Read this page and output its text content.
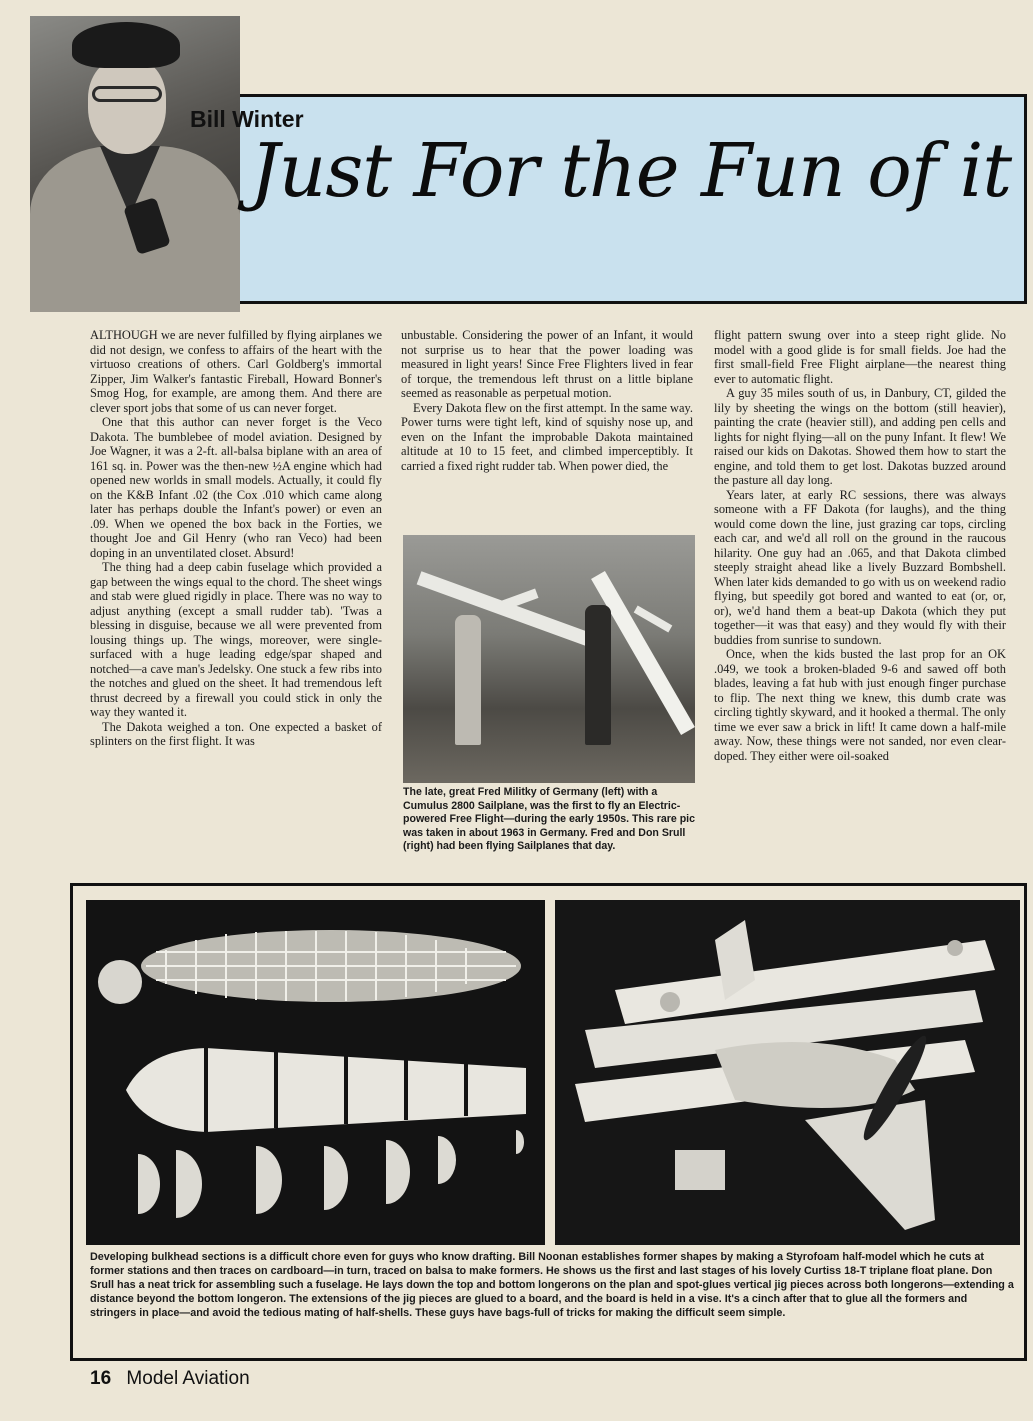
Bill Winter
Just For the Fun of it

ALTHOUGH we are never fulfilled by flying airplanes we did not design, we confess to affairs of the heart with the virtuoso creations of others. Carl Goldberg's immortal Zipper, Jim Walker's fantastic Fireball, Howard Bonner's Smog Hog, for example, are among them. And there are clever sport jobs that some of us can never forget.

One that this author can never forget is the Veco Dakota. The bumblebee of model aviation. Designed by Joe Wagner, it was a 2-ft. all-balsa biplane with an area of 161 sq. in. Power was the then-new ½A engine which had opened new worlds in small models. Actually, it could fly on the K&B Infant .02 (the Cox .010 which came along later has perhaps double the Infant's power) or even an .09. When we opened the box back in the Forties, we thought Joe and Gil Henry (who ran Veco) had been doping in an unventilated closet. Absurd!

The thing had a deep cabin fuselage which provided a gap between the wings equal to the chord. The sheet wings and stab were glued rigidly in place. There was no way to adjust anything (except a small rudder tab). 'Twas a blessing in disguise, because we all were prevented from lousing things up. The wings, moreover, were single-surfaced with a huge leading edge/spar shaped and notched—a cave man's Jedelsky. One stuck a few ribs into the notches and glued on the sheet. It had tremendous left thrust decreed by a firewall you could stick in only the way they wanted it.

The Dakota weighed a ton. One expected a basket of splinters on the first flight. It was

unbustable. Considering the power of an Infant, it would not surprise us to hear that the power loading was measured in light years! Since Free Flighters lived in fear of torque, the tremendous left thrust on a little biplane seemed as reasonable as perpetual motion.

Every Dakota flew on the first attempt. In the same way. Power turns were tight left, kind of squishy nose up, and even on the Infant the improbable Dakota maintained altitude at 10 to 15 feet, and climbed imperceptibly. It carried a fixed right rudder tab. When power died, the

The late, great Fred Militky of Germany (left) with a Cumulus 2800 Sailplane, was the first to fly an Electric-powered Free Flight—during the early 1950s. This rare pic was taken in about 1963 in Germany. Fred and Don Srull (right) had been flying Sailplanes that day.

flight pattern swung over into a steep right glide. No model with a good glide is for small fields. Joe had the first small-field Free Flight airplane—the nearest thing ever to automatic flight.

A guy 35 miles south of us, in Danbury, CT, gilded the lily by sheeting the wings on the bottom (still heavier), painting the crate (heavier still), and adding pen cells and lights for night flying—all on the puny Infant. It flew! We raised our kids on Dakotas. Showed them how to start the engine, and told them to get lost. Dakotas buzzed around the pasture all day long.

Years later, at early RC sessions, there was always someone with a FF Dakota (for laughs), and the thing would come down the line, just grazing car tops, circling each car, and we'd all roll on the ground in the raucous hilarity. One guy had an .065, and that Dakota climbed steeply straight ahead like a lively Buzzard Bombshell. When later kids demanded to go with us on weekend radio flying, but speedily got bored and wanted to eat (or, or, or), we'd hand them a beat-up Dakota (which they put together—it was that easy) and they would fly with their buddies from sunrise to sundown.

Once, when the kids busted the last prop for an OK .049, we took a broken-bladed 9-6 and sawed off both blades, leaving a fat hub with just enough finger purchase to flip. The next thing we knew, this dumb crate was circling tightly skyward, and it hooked a thermal. The only time we ever saw a brick in lift! It came down a half-mile away. Now, these things were not sanded, nor even clear-doped. They either were oil-soaked

Developing bulkhead sections is a difficult chore even for guys who know drafting. Bill Noonan establishes former shapes by making a Styrofoam half-model which he cuts at former stations and then traces on cardboard—in turn, traced on balsa to make formers. He shows us the first and last stages of his lovely Curtiss 18-T triplane float plane. Don Srull has a neat trick for assembling such a fuselage. He lays down the top and bottom longerons on the plan and spot-glues vertical jig pieces across both longerons—extending a distance beyond the bottom longeron. The extensions of the jig pieces are glued to a board, and the board is held in a vise. It's a cinch after that to glue all the formers and stringers in place—and avoid the tedious mating of half-shells. These guys have bags-full of tricks for making the difficult seem simple.
16 Model Aviation
